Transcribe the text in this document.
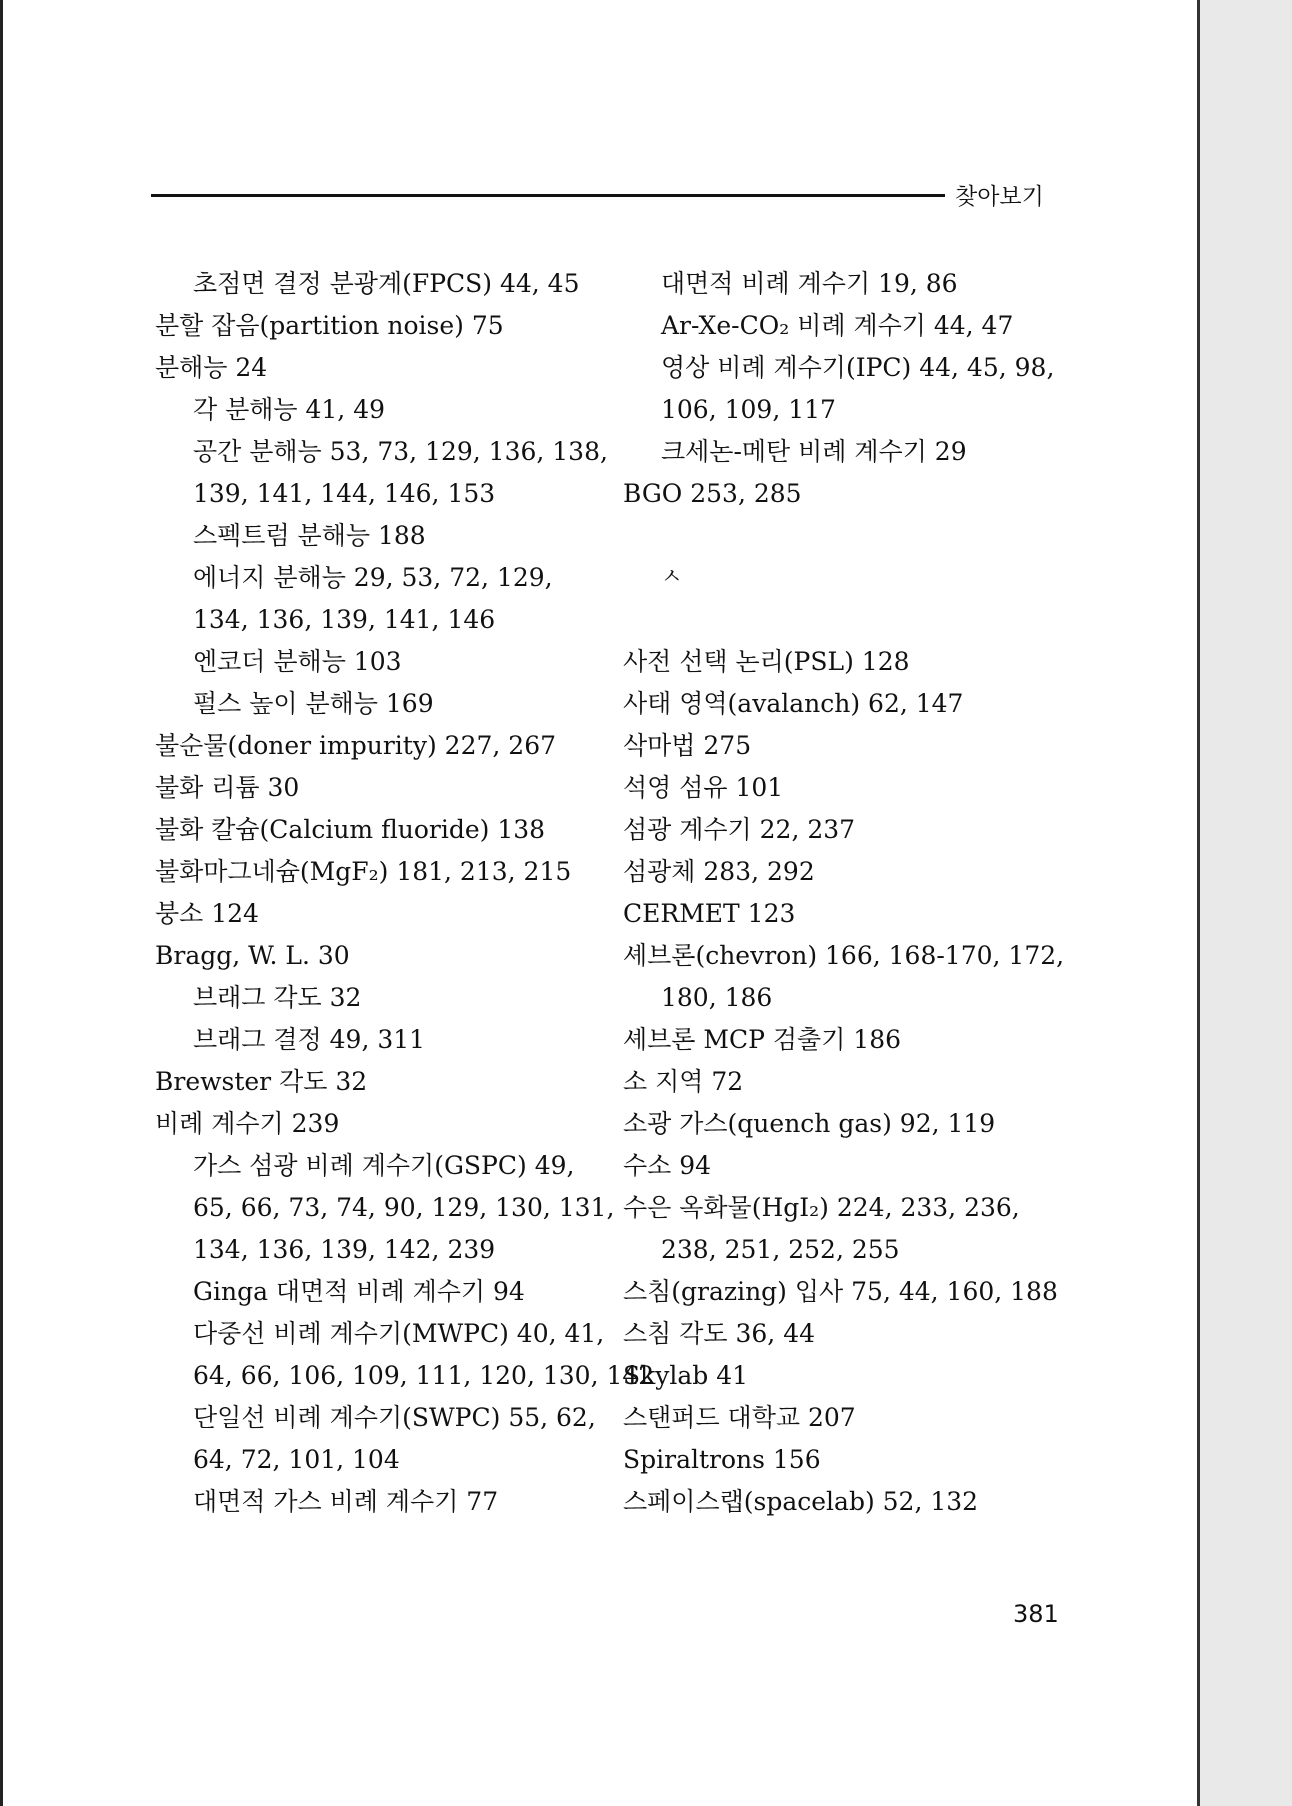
찾아보기
초점면 결정 분광계(FPCS) 44, 45
분할 잡음(partition noise) 75
분해능 24
각 분해능 41, 49
공간 분해능 53, 73, 129, 136, 138,
139, 141, 144, 146, 153
스펙트럼 분해능 188
에너지 분해능 29, 53, 72, 129,
134, 136, 139, 141, 146
엔코더 분해능 103
펄스 높이 분해능 169
불순물(doner impurity) 227, 267
불화 리튬 30
불화 칼슘(Calcium fluoride) 138
불화마그네슘(MgF₂) 181, 213, 215
붕소 124
Bragg, W. L. 30
브래그 각도 32
브래그 결정 49, 311
Brewster 각도 32
비례 계수기 239
가스 섬광 비례 계수기(GSPC) 49,
65, 66, 73, 74, 90, 129, 130, 131,
134, 136, 139, 142, 239
Ginga 대면적 비례 계수기 94
다중선 비례 계수기(MWPC) 40, 41,
64, 66, 106, 109, 111, 120, 130, 142
단일선 비례 계수기(SWPC) 55, 62,
64, 72, 101, 104
대면적 가스 비례 계수기 77
대면적 비례 계수기 19, 86
Ar-Xe-CO₂ 비례 계수기 44, 47
영상 비례 계수기(IPC) 44, 45, 98,
106, 109, 117
크세논-메탄 비례 계수기 29
BGO 253, 285
ㅅ
사전 선택 논리(PSL) 128
사태 영역(avalanch) 62, 147
삭마법 275
석영 섬유 101
섬광 계수기 22, 237
섬광체 283, 292
CERMET 123
셰브론(chevron) 166, 168-170, 172,
180, 186
셰브론 MCP 검출기 186
소 지역 72
소광 가스(quench gas) 92, 119
수소 94
수은 옥화물(HgI₂) 224, 233, 236,
238, 251, 252, 255
스침(grazing) 입사 75, 44, 160, 188
스침 각도 36, 44
Skylab 41
스탠퍼드 대학교 207
Spiraltrons 156
스페이스랩(spacelab) 52, 132
381
